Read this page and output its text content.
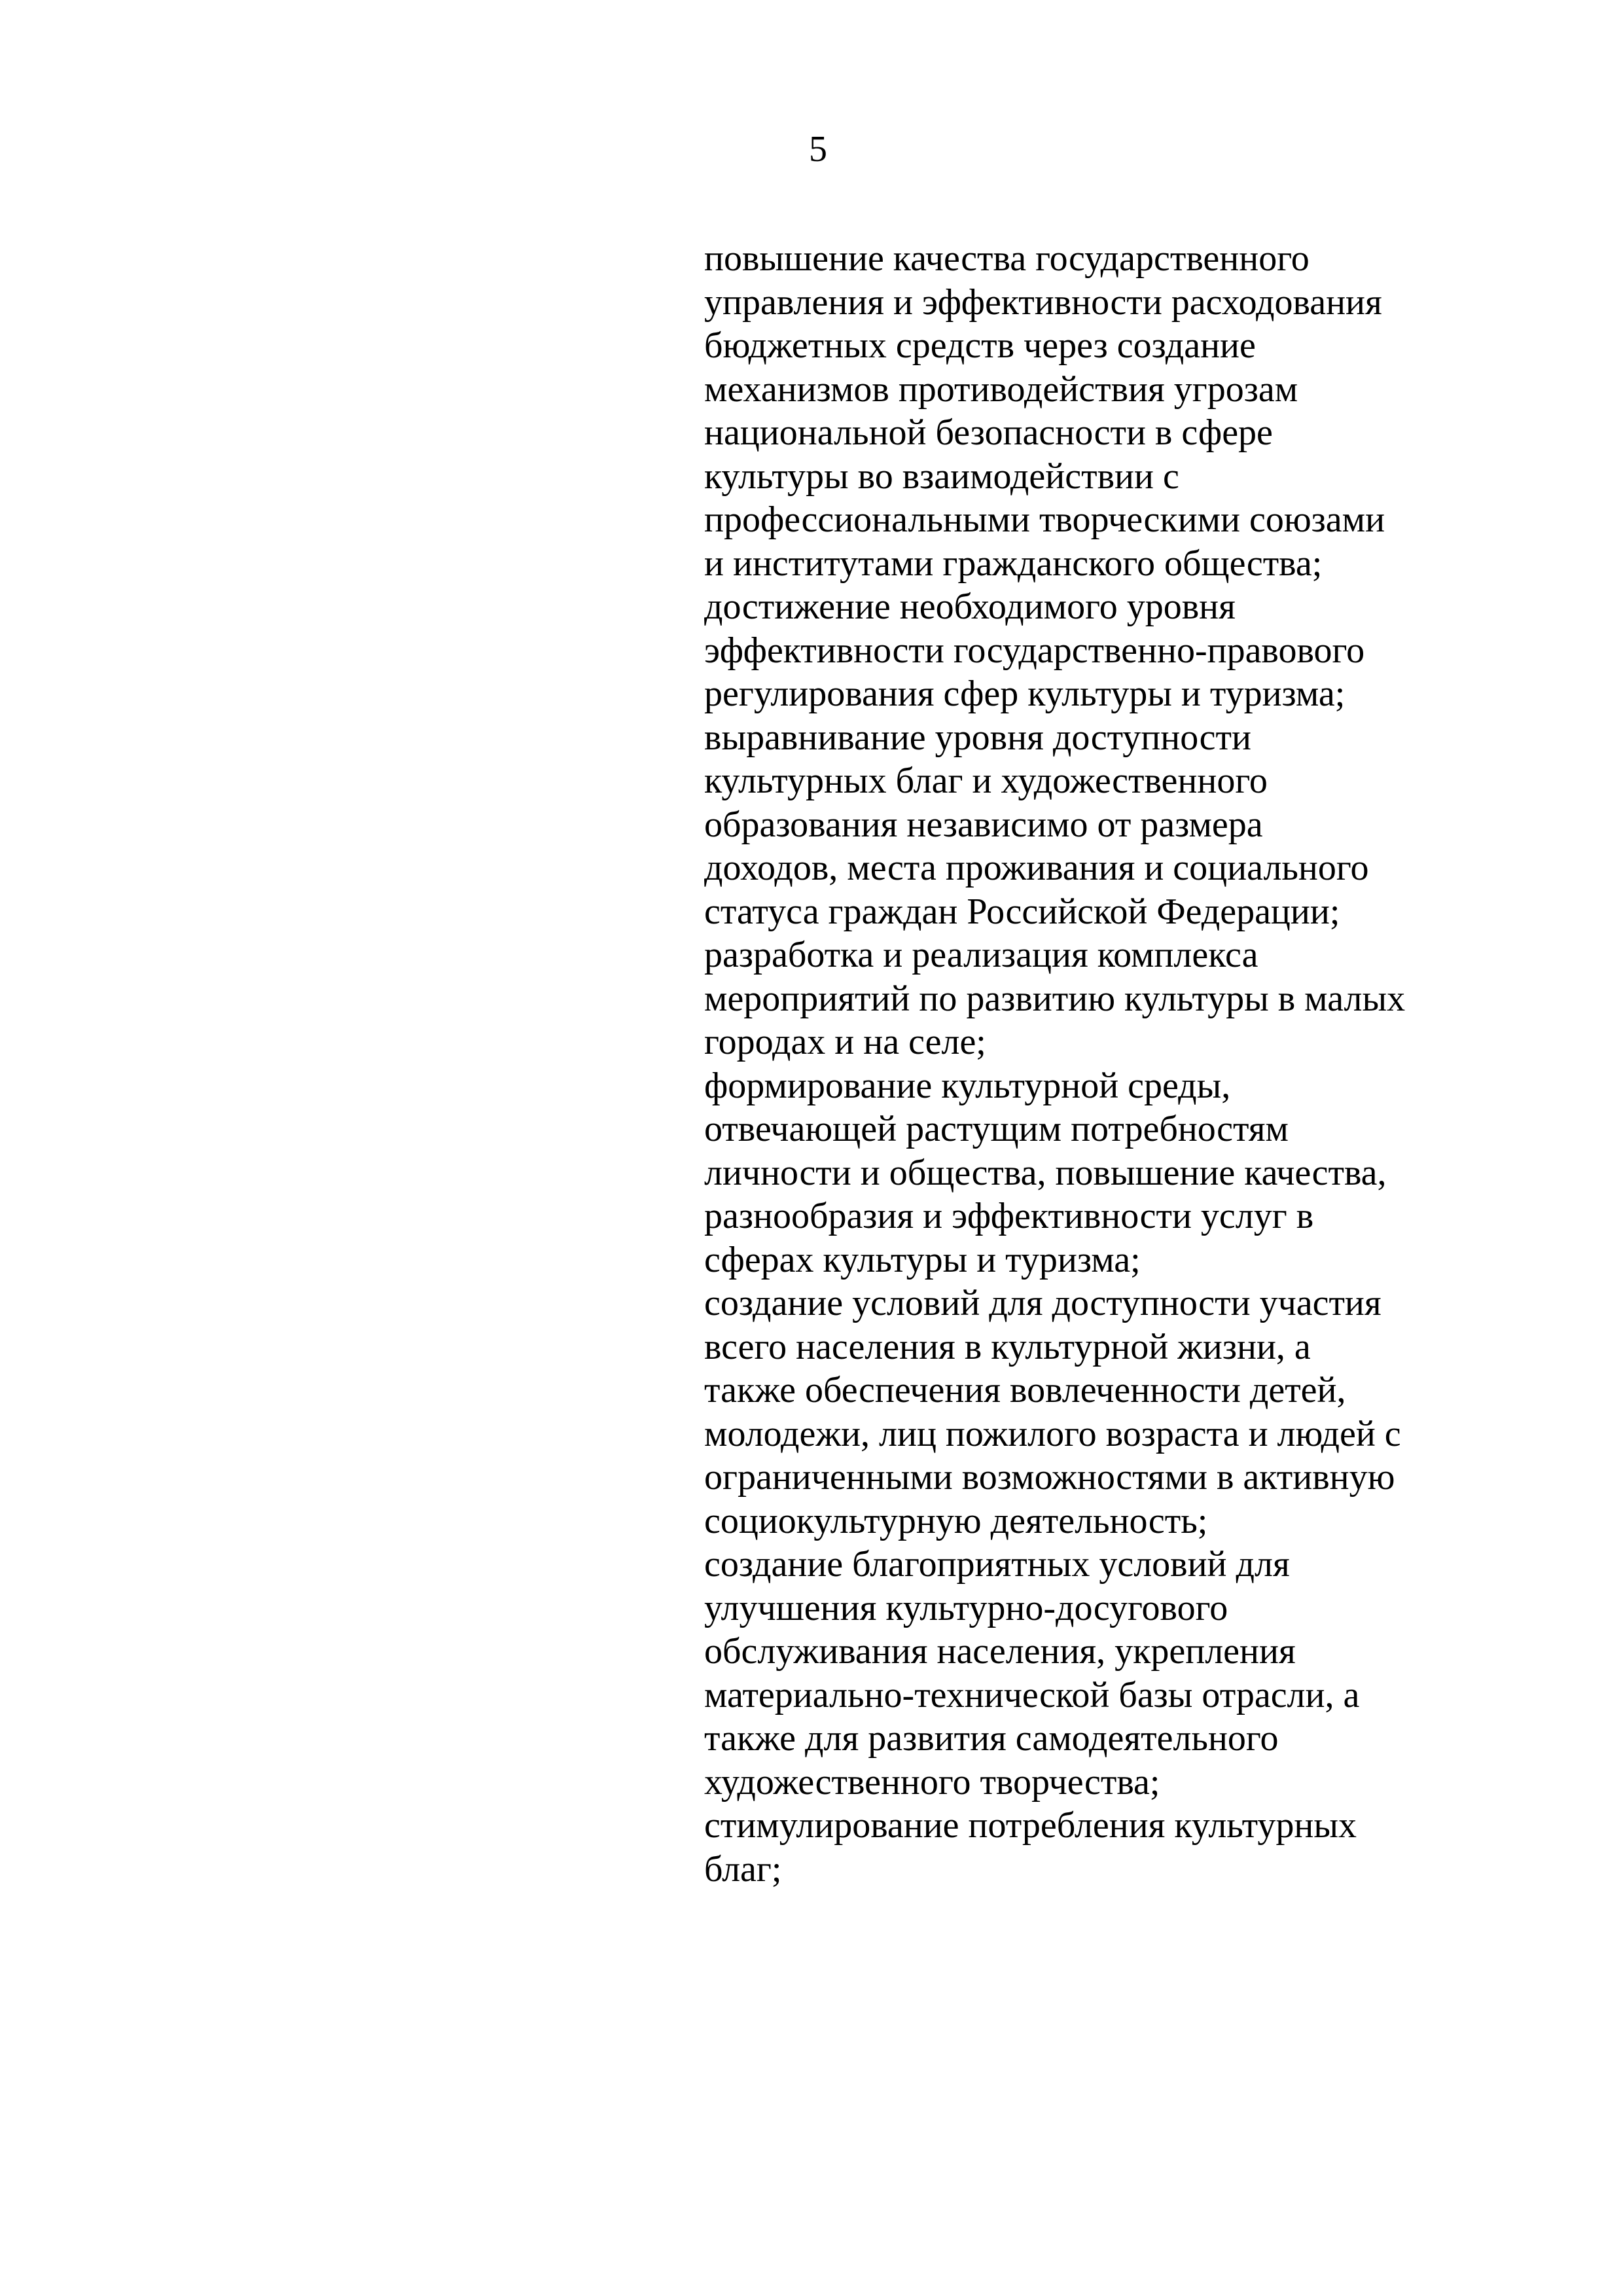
5
повышение качества государственного
управления и эффективности расходования
бюджетных средств через создание
механизмов противодействия угрозам
национальной безопасности в сфере
культуры во взаимодействии с
профессиональными творческими союзами
и институтами гражданского общества;
достижение необходимого уровня
эффективности государственно-правового
регулирования сфер культуры и туризма;
выравнивание уровня доступности
культурных благ и художественного
образования независимо от размера
доходов, места проживания и социального
статуса граждан Российской Федерации;
разработка и реализация комплекса
мероприятий по развитию культуры в малых
городах и на селе;
формирование культурной среды,
отвечающей растущим потребностям
личности и общества, повышение качества,
разнообразия и эффективности услуг в
сферах культуры и туризма;
создание условий для доступности участия
всего населения в культурной жизни, а
также обеспечения вовлеченности детей,
молодежи, лиц пожилого возраста и людей с
ограниченными возможностями в активную
социокультурную деятельность;
создание благоприятных условий для
улучшения культурно-досугового
обслуживания населения, укрепления
материально-технической базы отрасли, а
также для развития самодеятельного
художественного творчества;
стимулирование потребления культурных
благ;
